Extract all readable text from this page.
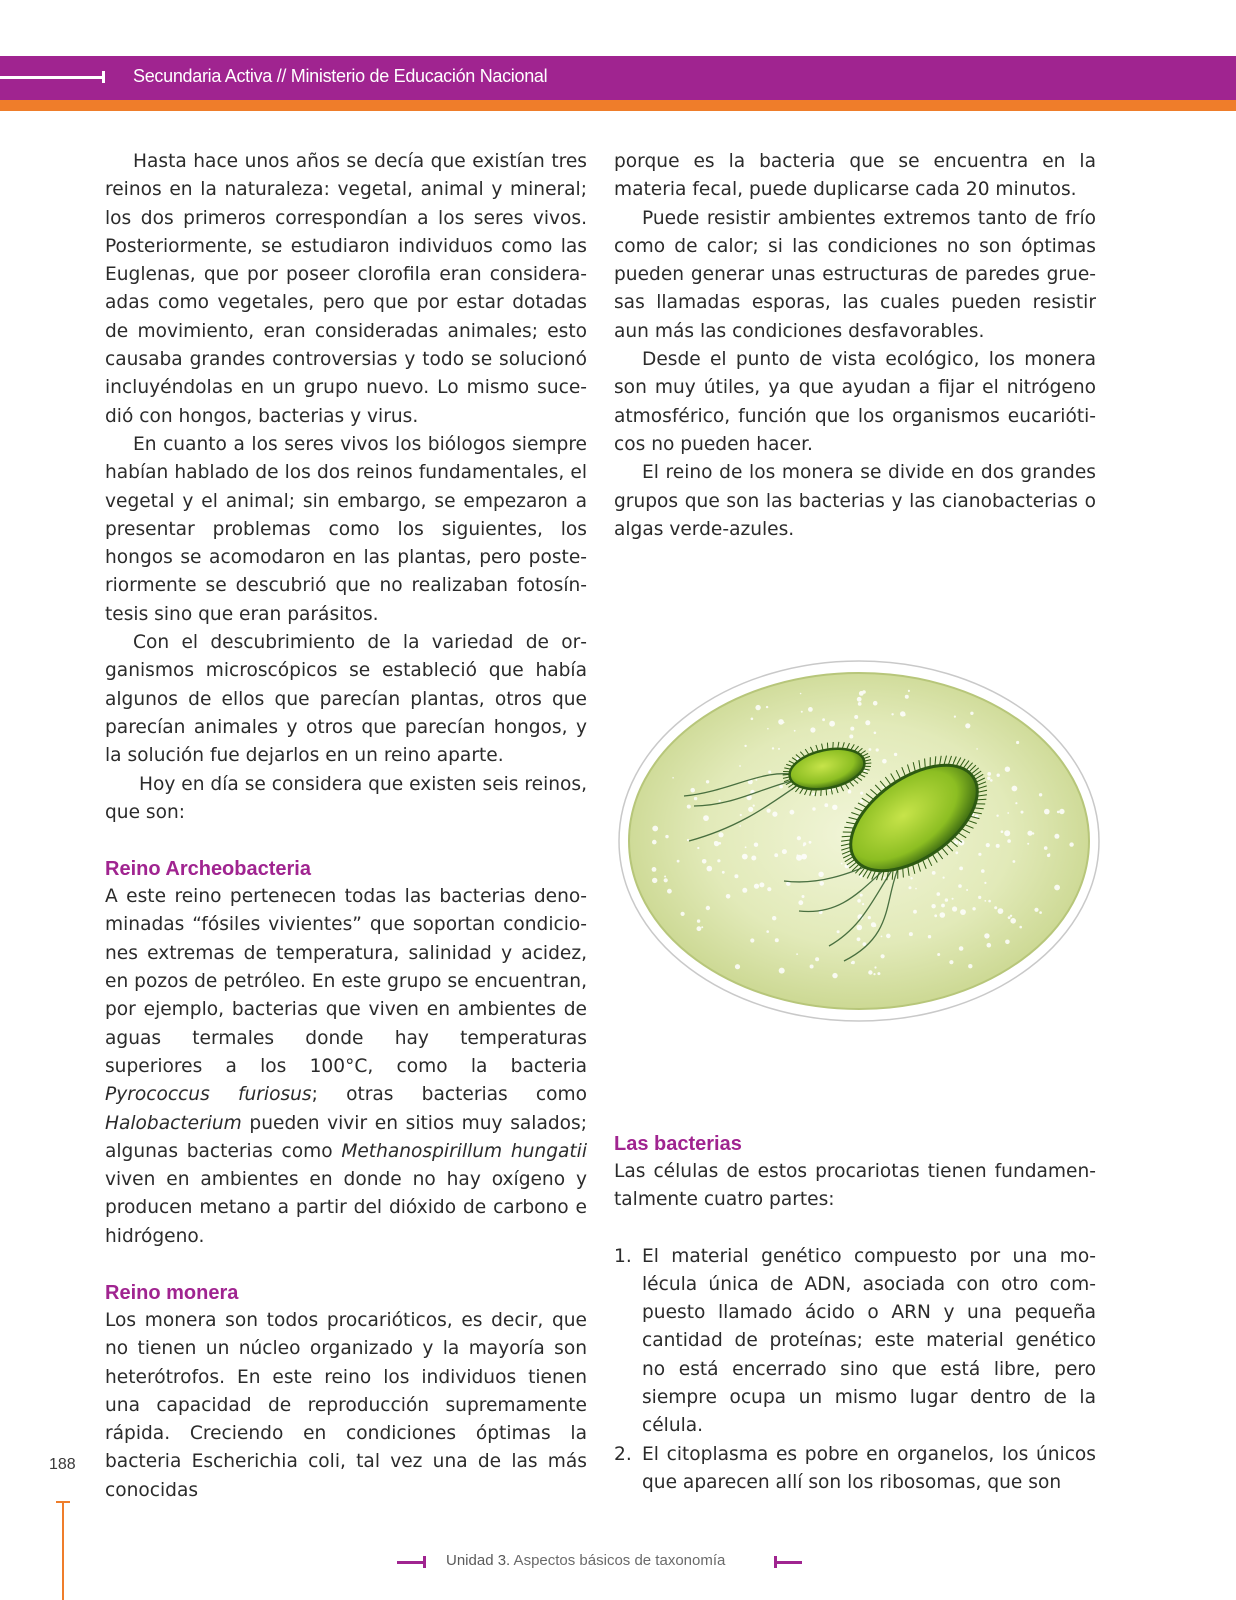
Secundaria Activa // Ministerio de Educación Nacional

Hasta hace unos años se decía que existían tres reinos en la naturaleza: vegetal, animal y mineral; los dos primeros correspondían a los seres vivos. Posteriormente, se estudiaron individuos como las Euglenas, que por poseer clorofila eran consideraadas como vegetales, pero que por estar dotadas de movimiento, eran consideradas animales; esto causaba grandes controversias y todo se solucionó incluyéndolas en un grupo nuevo. Lo mismo sucedió con hongos, bacterias y virus.

En cuanto a los seres vivos los biólogos siempre habían hablado de los dos reinos fundamentales, el vegetal y el animal; sin embargo, se empezaron a presentar problemas como los siguientes, los hongos se acomodaron en las plantas, pero posteriormente se descubrió que no realizaban fotosíntesis sino que eran parásitos.

Con el descubrimiento de la variedad de organismos microscópicos se estableció que había algunos de ellos que parecían plantas, otros que parecían animales y otros que parecían hongos, y la solución fue dejarlos en un reino aparte.

Hoy en día se considera que existen seis reinos, que son:

Reino Archeobacteria

A este reino pertenecen todas las bacterias denominadas “fósiles vivientes” que soportan condiciones extremas de temperatura, salinidad y acidez, en pozos de petróleo. En este grupo se encuentran, por ejemplo, bacterias que viven en ambientes de aguas termales donde hay temperaturas superiores a los 100°C, como la bacteria Pyrococcus furiosus; otras bacterias como Halobacterium pueden vivir en sitios muy salados; algunas bacterias como Methanospirillum hungatii viven en ambientes en donde no hay oxígeno y producen metano a partir del dióxido de carbono e hidrógeno.

Reino monera

Los monera son todos procarióticos, es decir, que no tienen un núcleo organizado y la mayoría son heterótrofos. En este reino los individuos tienen una capacidad de reproducción supremamente rápida. Creciendo en condiciones óptimas la bacteria Escherichia coli, tal vez una de las más conocidas

porque es la bacteria que se encuentra en la materia fecal, puede duplicarse cada 20 minutos.

Puede resistir ambientes extremos tanto de frío como de calor; si las condiciones no son óptimas pueden generar unas estructuras de paredes gruesas llamadas esporas, las cuales pueden resistir aun más las condiciones desfavorables.

Desde el punto de vista ecológico, los monera son muy útiles, ya que ayudan a fijar el nitrógeno atmosférico, función que los organismos eucarióticos no pueden hacer.

El reino de los monera se divide en dos grandes grupos que son las bacterias y las cianobacterias o algas verde-azules.

Las bacterias

Las células de estos procariotas tienen fundamentalmente cuatro partes:

1. El material genético compuesto por una molécula única de ADN, asociada con otro compuesto llamado ácido o ARN y una pequeña cantidad de proteínas; este material genético no está encerrado sino que está libre, pero siempre ocupa un mismo lugar dentro de la célula.
2. El citoplasma es pobre en organelos, los únicos que aparecen allí son los ribosomas, que son
188
Unidad 3. Aspectos básicos de taxonomía
